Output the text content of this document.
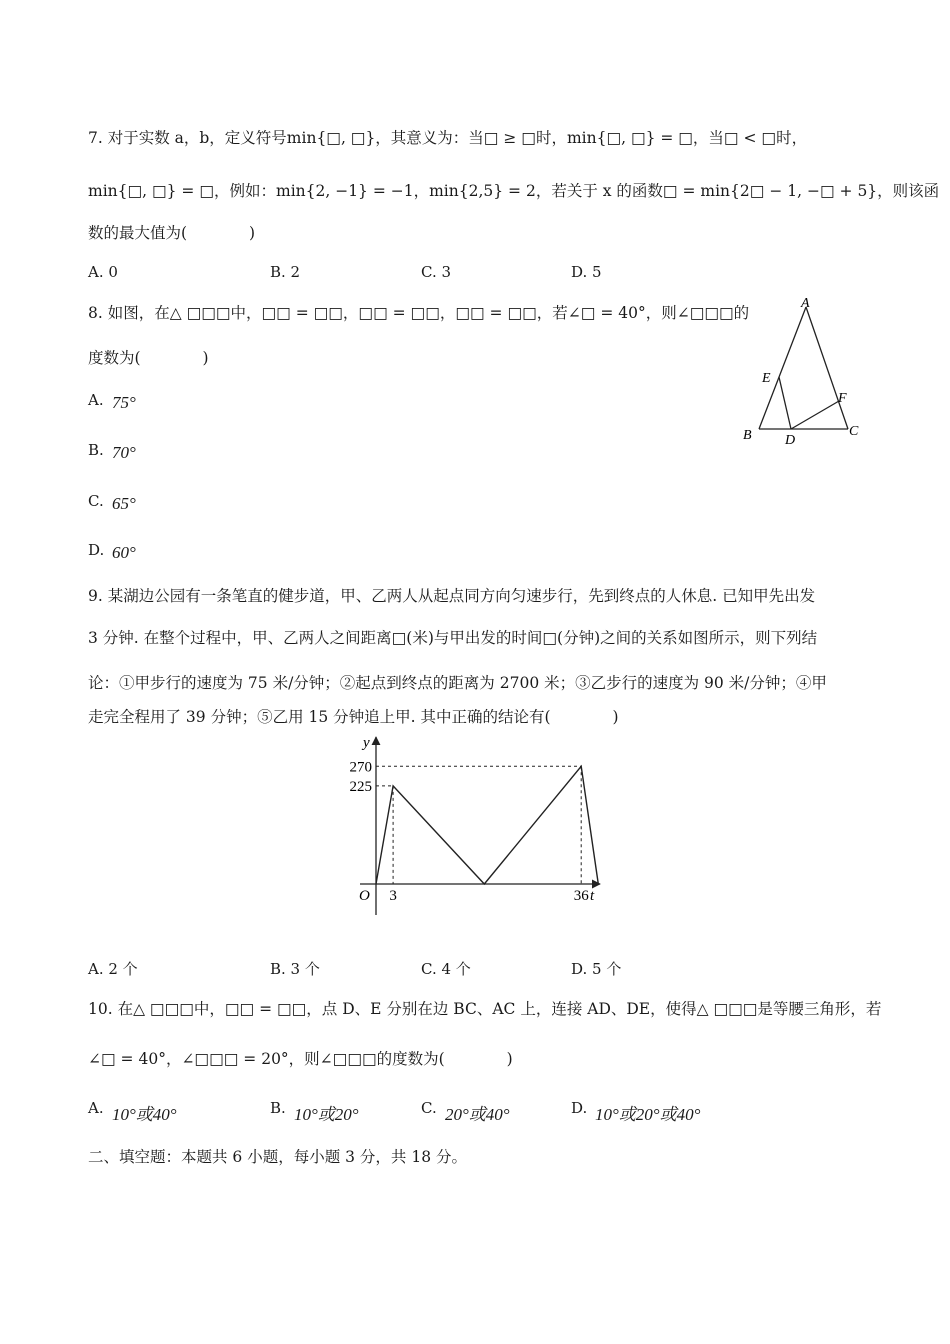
7. 对于实数 a，b，定义符号min{□, □}，其意义为：当□ ≥ □时，min{□, □} = □，当□ < □时，
min{□, □} = □，例如：min{2, −1} = −1，min{2,5} = 2，若关于 x 的函数□ = min{2□ − 1, −□ + 5}，则该函
数的最大值为(　　　　)
A. 0	B. 2	C. 3	D. 5
8. 如图，在△ □□□中，□□ = □□，□□ = □□，□□ = □□，若∠□ = 40°，则∠□□□的
度数为(　　　　)
A. 75°
B. 70°
C. 65°
D. 60°
A
B	C
D
E
F
9. 某湖边公园有一条笔直的健步道，甲、乙两人从起点同方向匀速步行，先到终点的人休息. 已知甲先出发
3 分钟. 在整个过程中，甲、乙两人之间距离□(米)与甲出发的时间□(分钟)之间的关系如图所示，则下列结
论：①甲步行的速度为 75 米/分钟；②起点到终点的距离为 2700 米；③乙步行的速度为 90 米/分钟；④甲
走完全程用了 39 分钟；⑤乙用 15 分钟追上甲. 其中正确的结论有(　　　　)
y
t
O 3	36
225
270
A. 2 个	B. 3 个	C. 4 个	D. 5 个
10. 在△ □□□中，□□ = □□，点 D、E 分别在边 BC、AC 上，连接 AD、DE，使得△ □□□是等腰三角形，若
∠□ = 40°，∠□□□ = 20°，则∠□□□的度数为(　　　　)
A. 10°或40°	B. 10°或20°	C. 20°或40°	D. 10°或20°或40°
二、填空题：本题共 6 小题，每小题 3 分，共 18 分。
